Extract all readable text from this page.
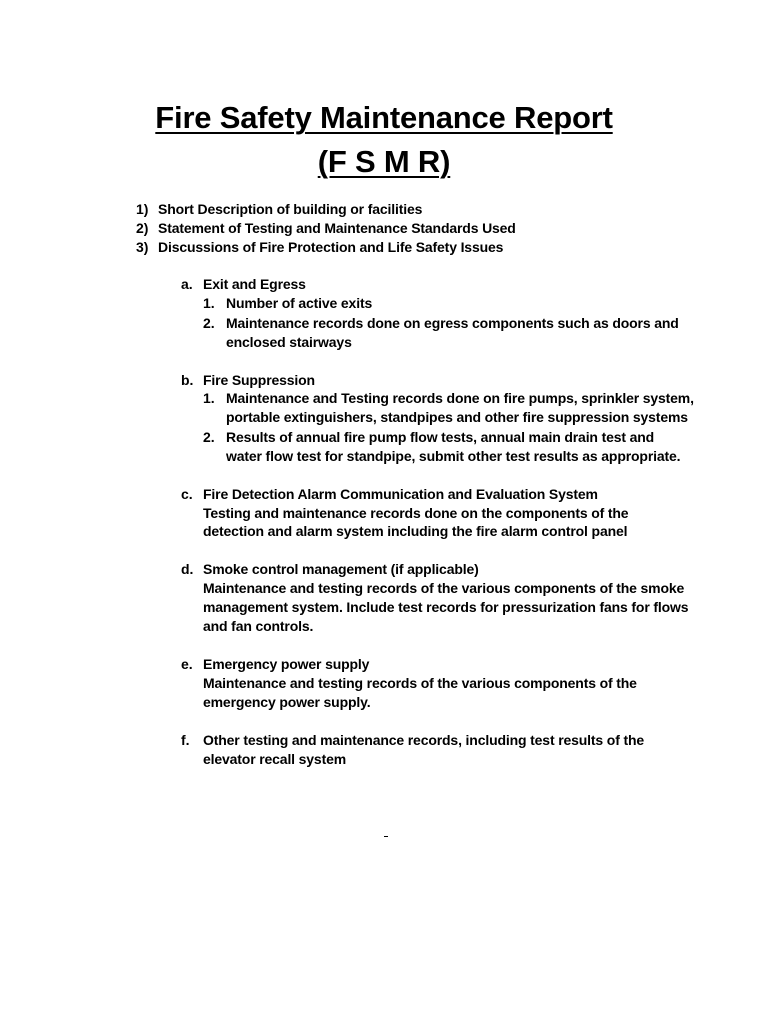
Fire Safety Maintenance Report
(F S M R)
1) Short Description of building or facilities
2) Statement of Testing and Maintenance Standards Used
3) Discussions of Fire Protection and Life Safety Issues
a. Exit and Egress
1. Number of active exits
2. Maintenance records done on egress components such as doors and
enclosed stairways
b. Fire Suppression
1. Maintenance and Testing records done on fire pumps, sprinkler system,
portable extinguishers, standpipes and other fire suppression systems
2. Results of annual fire pump flow tests, annual main drain test and
water flow test for standpipe, submit other test results as appropriate.
c. Fire Detection Alarm Communication and Evaluation System
Testing and maintenance records done on the components of the
detection and alarm system including the fire alarm control panel
d. Smoke control management (if applicable)
Maintenance and testing records of the various components of the smoke
management system. Include test records for pressurization fans for flows
and fan controls.
e. Emergency power supply
Maintenance and testing records of the various components of the
emergency power supply.
f. Other testing and maintenance records, including test results of the
elevator recall system
